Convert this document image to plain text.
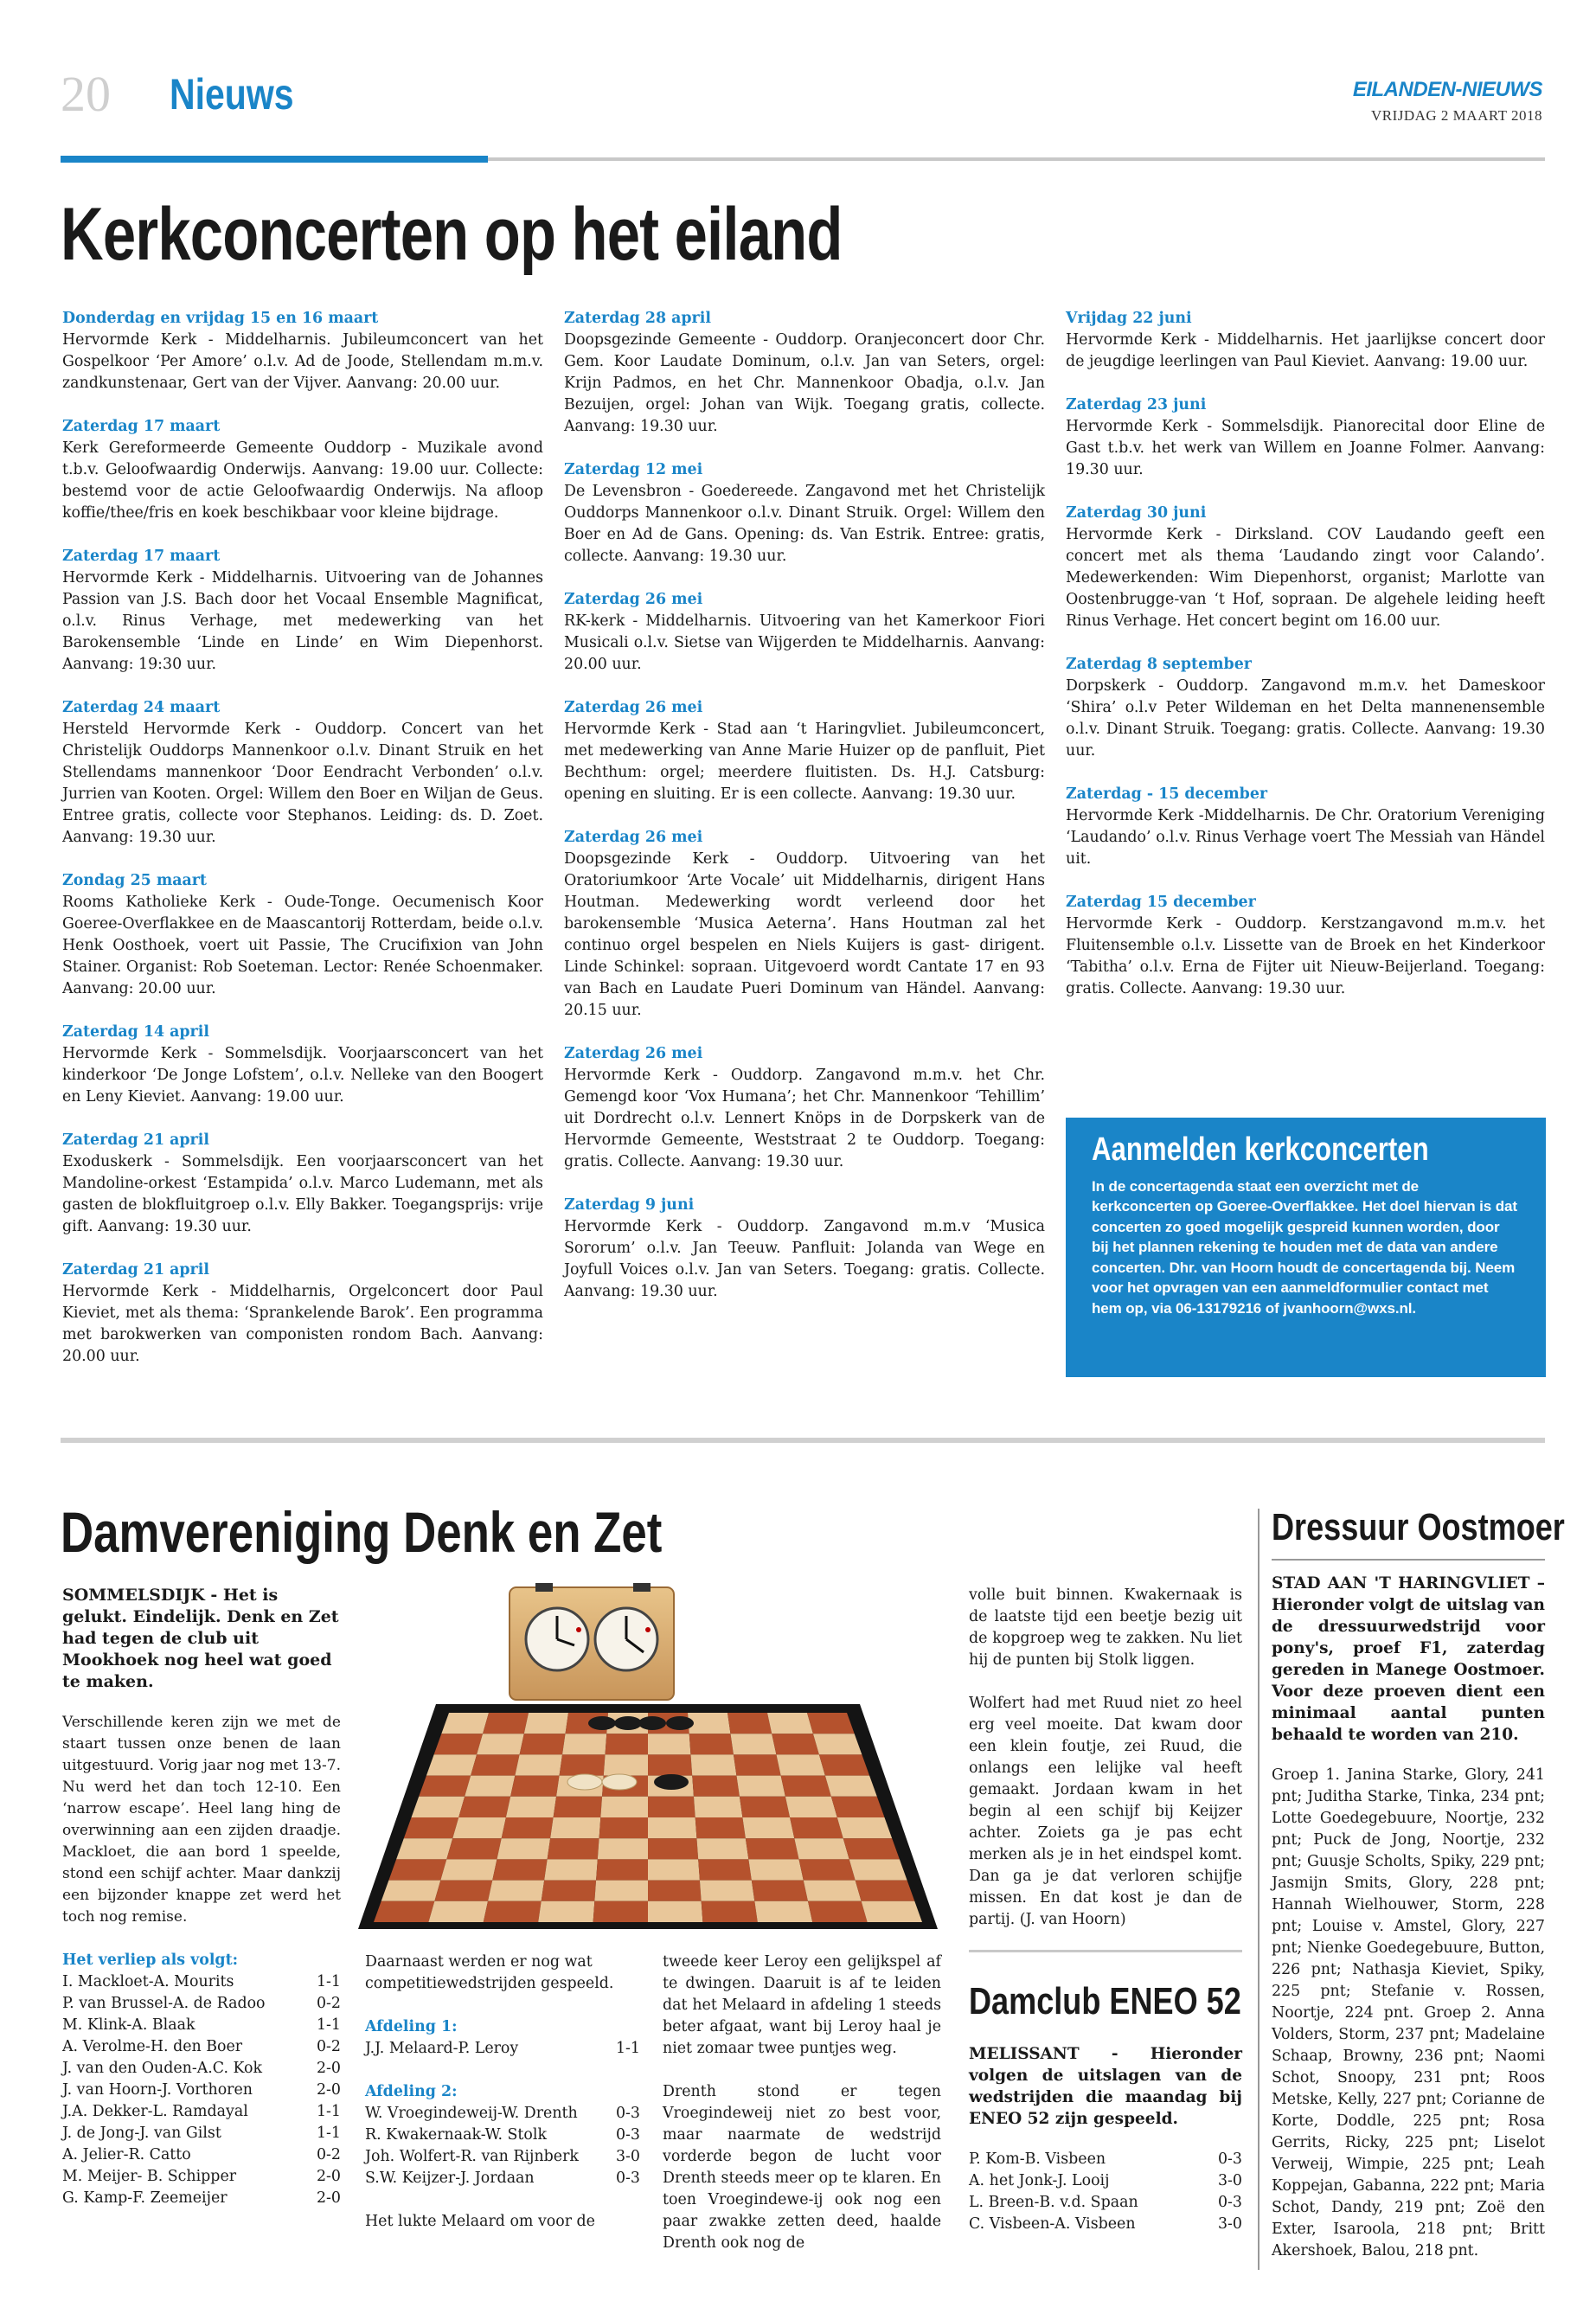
20 Nieuws	EILANDEN-NIEUWS
VRIJDAG 2 MAART 2018
Kerkconcerten op het eiland
Donderdag en vrijdag 15 en 16 maart

Hervormde Kerk - Middelharnis. Jubileumconcert van het Gospelkoor ‘Per Amore’ o.l.v. Ad de Joode, Stellendam m.m.v. zandkunstenaar, Gert van der Vijver. Aanvang: 20.00 uur.

Zaterdag 17 maart

Kerk Gereformeerde Gemeente Ouddorp - Muzikale avond t.b.v. Geloofwaardig Onderwijs. Aanvang: 19.00 uur. Collecte: bestemd voor de actie Geloofwaardig Onderwijs. Na afloop koffie/thee/fris en koek beschikbaar voor kleine bijdrage.

Zaterdag 17 maart

Hervormde Kerk - Middelharnis. Uitvoering van de Johannes Passion van J.S. Bach door het Vocaal Ensemble Magnificat, o.l.v. Rinus Verhage, met medewerking van het Barokensemble ‘Linde en Linde’ en Wim Diepenhorst. Aanvang: 19:30 uur.

Zaterdag 24 maart

Hersteld Hervormde Kerk - Ouddorp. Concert van het Christelijk Ouddorps Mannenkoor o.l.v. Dinant Struik en het Stellendams mannenkoor ‘Door Eendracht Verbonden’ o.l.v. Jurrien van Kooten. Orgel: Willem den Boer en Wiljan de Geus. Entree gratis, collecte voor Stephanos. Leiding: ds. D. Zoet. Aanvang: 19.30 uur.

Zondag 25 maart

Rooms Katholieke Kerk - Oude-Tonge. Oecumenisch Koor Goeree-Overflakkee en de Maascantorij Rotterdam, beide o.l.v. Henk Oosthoek, voert uit Passie, The Crucifixion van John Stainer. Organist: Rob Soeteman. Lector: Renée Schoenmaker. Aanvang: 20.00 uur.

Zaterdag 14 april

Hervormde Kerk - Sommelsdijk. Voorjaarsconcert van het kinderkoor ‘De Jonge Lofstem’, o.l.v. Nelleke van den Boogert en Leny Kieviet. Aanvang: 19.00 uur.

Zaterdag 21 april

Exoduskerk - Sommelsdijk. Een voorjaarsconcert van het Mandoline-orkest ‘Estampida’ o.l.v. Marco Ludemann, met als gasten de blokfluitgroep o.l.v. Elly Bakker. Toegangsprijs: vrije gift. Aanvang: 19.30 uur.

Zaterdag 21 april

Hervormde Kerk - Middelharnis, Orgelconcert door Paul Kieviet, met als thema: ‘Sprankelende Barok’. Een programma met barokwerken van componisten rondom Bach. Aanvang: 20.00 uur.

Zaterdag 28 april

Doopsgezinde Gemeente - Ouddorp. Oranjeconcert door Chr. Gem. Koor Laudate Dominum, o.l.v. Jan van Seters, orgel: Krijn Padmos, en het Chr. Mannenkoor Obadja, o.l.v. Jan Bezuijen, orgel: Johan van Wijk. Toegang gratis, collecte. Aanvang: 19.30 uur.

Zaterdag 12 mei

De Levensbron - Goedereede. Zangavond met het Christelijk Ouddorps Mannenkoor o.l.v. Dinant Struik. Orgel: Willem den Boer en Ad de Gans. Opening: ds. Van Estrik. Entree: gratis, collecte. Aanvang: 19.30 uur.

Zaterdag 26 mei

RK-kerk - Middelharnis. Uitvoering van het Kamerkoor Fiori Musicali o.l.v. Sietse van Wijgerden te Middelharnis. Aanvang: 20.00 uur.

Zaterdag 26 mei

Hervormde Kerk - Stad aan ‘t Haringvliet. Jubileumconcert, met medewerking van Anne Marie Huizer op de panfluit, Piet Bechthum: orgel; meerdere fluitisten. Ds. H.J. Catsburg: opening en sluiting. Er is een collecte. Aanvang: 19.30 uur.

Zaterdag 26 mei

Doopsgezinde Kerk - Ouddorp. Uitvoering van het Oratoriumkoor ‘Arte Vocale’ uit Middelharnis, dirigent Hans Houtman. Medewerking wordt verleend door het barokensemble ‘Musica Aeterna’. Hans Houtman zal het continuo orgel bespelen en Niels Kuijers is gast- dirigent. Linde Schinkel: sopraan. Uitgevoerd wordt Cantate 17 en 93 van Bach en Laudate Pueri Dominum van Händel. Aanvang: 20.15 uur.

Zaterdag 26 mei

Hervormde Kerk - Ouddorp. Zangavond m.m.v. het Chr. Gemengd koor ‘Vox Humana’; het Chr. Mannenkoor ‘Tehillim’ uit Dordrecht o.l.v. Lennert Knöps in de Dorpskerk van de Hervormde Gemeente, Weststraat 2 te Ouddorp. Toegang: gratis. Collecte. Aanvang: 19.30 uur.

Zaterdag 9 juni

Hervormde Kerk - Ouddorp. Zangavond m.m.v ‘Musica Sororum’ o.l.v. Jan Teeuw. Panfluit: Jolanda van Wege en Joyfull Voices o.l.v. Jan van Seters. Toegang: gratis. Collecte. Aanvang: 19.30 uur.

Vrijdag 22 juni

Hervormde Kerk - Middelharnis. Het jaarlijkse concert door de jeugdige leerlingen van Paul Kieviet. Aanvang: 19.00 uur.

Zaterdag 23 juni

Hervormde Kerk - Sommelsdijk. Pianorecital door Eline de Gast t.b.v. het werk van Willem en Joanne Folmer. Aanvang: 19.30 uur.

Zaterdag 30 juni

Hervormde Kerk - Dirksland. COV Laudando geeft een concert met als thema ‘Laudando zingt voor Calando’. Medewerkenden: Wim Diepenhorst, organist; Marlotte van Oostenbrugge-van ‘t Hof, sopraan. De algehele leiding heeft Rinus Verhage. Het concert begint om 16.00 uur.

Zaterdag 8 september

Dorpskerk - Ouddorp. Zangavond m.m.v. het Dameskoor ‘Shira’ o.l.v Peter Wildeman en het Delta mannenensemble o.l.v. Dinant Struik. Toegang: gratis. Collecte. Aanvang: 19.30 uur.

Zaterdag - 15 december

Hervormde Kerk -Middelharnis. De Chr. Oratorium Vereniging ‘Laudando’ o.l.v. Rinus Verhage voert The Messiah van Händel uit.

Zaterdag 15 december

Hervormde Kerk - Ouddorp. Kerstzangavond m.m.v. het Fluitensemble o.l.v. Lissette van de Broek en het Kinderkoor ‘Tabitha’ o.l.v. Erna de Fijter uit Nieuw-Beijerland. Toegang: gratis. Collecte. Aanvang: 19.30 uur.

Aanmelden kerkconcerten

In de concertagenda staat een overzicht met de kerkconcerten op Goeree-Overflakkee. Het doel hiervan is dat concerten zo goed mogelijk gespreid kunnen worden, door bij het plannen rekening te houden met de data van andere concerten. Dhr. van Hoorn houdt de concertagenda bij. Neem voor het opvragen van een aanmeldformulier contact met hem op, via 06-13179216 of jvanhoorn@wxs.nl.

Damvereniging Denk en Zet

SOMMELSDIJK - Het is gelukt. Eindelijk. Denk en Zet had tegen de club uit Mookhoek nog heel wat goed te maken.

Verschillende keren zijn we met de staart tussen onze benen de laan uitgestuurd. Vorig jaar nog met 13-7. Nu werd het dan toch 12-10. Een ‘narrow escape’. Heel lang hing de overwinning aan een zijden draadje. Mackloet, die aan bord 1 speelde, stond een schijf achter. Maar dankzij een bijzonder knappe zet werd het toch nog remise.

Het verliep als volgt:
I. Mackloet-A. Mourits	1-1
P. van Brussel-A. de Radoo	0-2
M. Klink-A. Blaak	1-1
A. Verolme-H. den Boer	0-2
J. van den Ouden-A.C. Kok	2-0
J. van Hoorn-J. Vorthoren	2-0
J.A. Dekker-L. Ramdayal	1-1
J. de Jong-J. van Gilst	1-1
A. Jelier-R. Catto	0-2
M. Meijer- B. Schipper	2-0
G. Kamp-F. Zeemeijer	2-0

Daarnaast werden er nog wat competitiewedstrijden gespeeld.

Afdeling 1:
J.J. Melaard-P. Leroy	1-1
Afdeling 2:
W. Vroegindeweij-W. Drenth	0-3
R. Kwakernaak-W. Stolk	0-3
Joh. Wolfert-R. van Rijnberk	3-0
S.W. Keijzer-J. Jordaan	0-3

Het lukte Melaard om voor de

tweede keer Leroy een gelijkspel af te dwingen. Daaruit is af te leiden dat het Melaard in afdeling 1 steeds beter afgaat, want bij Leroy haal je niet zomaar twee puntjes weg.

Drenth stond er tegen Vroegindeweij niet zo best voor, maar naarmate de wedstrijd vorderde begon de lucht voor Drenth steeds meer op te klaren. En toen Vroegindewe-ij ook nog een paar zwakke zetten deed, haalde Drenth ook nog de

volle buit binnen. Kwakernaak is de laatste tijd een beetje bezig uit de kopgroep weg te zakken. Nu liet hij de punten bij Stolk liggen.

Wolfert had met Ruud niet zo heel erg veel moeite. Dat kwam door een klein foutje, zei Ruud, die onlangs een lelijke val heeft gemaakt. Jordaan kwam in het begin al een schijf bij Keijzer achter. Zoiets ga je pas echt merken als je in het eindspel komt. Dan ga je dat verloren schijfje missen. En dat kost je dan de partij. (J. van Hoorn)

Damclub ENEO 52

MELISSANT - Hieronder volgen de uitslagen van de wedstrijden die maandag bij ENEO 52 zijn gespeeld.

P. Kom-B. Visbeen	0-3
A. het Jonk-J. Looij	3-0
L. Breen-B. v.d. Spaan	0-3
C. Visbeen-A. Visbeen	3-0
Dressuur Oostmoer

STAD AAN 'T HARINGVLIET – Hieronder volgt de uitslag van de dressuurwedstrijd voor pony's, proef F1, zaterdag gereden in Manege Oostmoer. Voor deze proeven dient een minimaal aantal punten behaald te worden van 210.

Groep 1. Janina Starke, Glory, 241 pnt; Juditha Starke, Tinka, 234 pnt; Lotte Goedegebuure, Noortje, 232 pnt; Puck de Jong, Noortje, 232 pnt; Guusje Scholts, Spiky, 229 pnt; Jasmijn Smits, Glory, 228 pnt; Hannah Wielhouwer, Storm, 228 pnt; Louise v. Amstel, Glory, 227 pnt; Nienke Goedegebuure, Button, 226 pnt; Nathasja Kieviet, Spiky, 225 pnt; Stefanie v. Rossen, Noortje, 224 pnt. Groep 2. Anna Volders, Storm, 237 pnt; Madelaine Schaap, Browny, 236 pnt; Naomi Schot, Snoopy, 231 pnt; Roos Metske, Kelly, 227 pnt; Corianne de Korte, Doddle, 225 pnt; Rosa Gerrits, Ricky, 225 pnt; Liselot Verweij, Wimpie, 225 pnt; Leah Koppejan, Gabanna, 222 pnt; Maria Schot, Dandy, 219 pnt; Zoë den Exter, Isaroola, 218 pnt; Britt Akershoek, Balou, 218 pnt.
